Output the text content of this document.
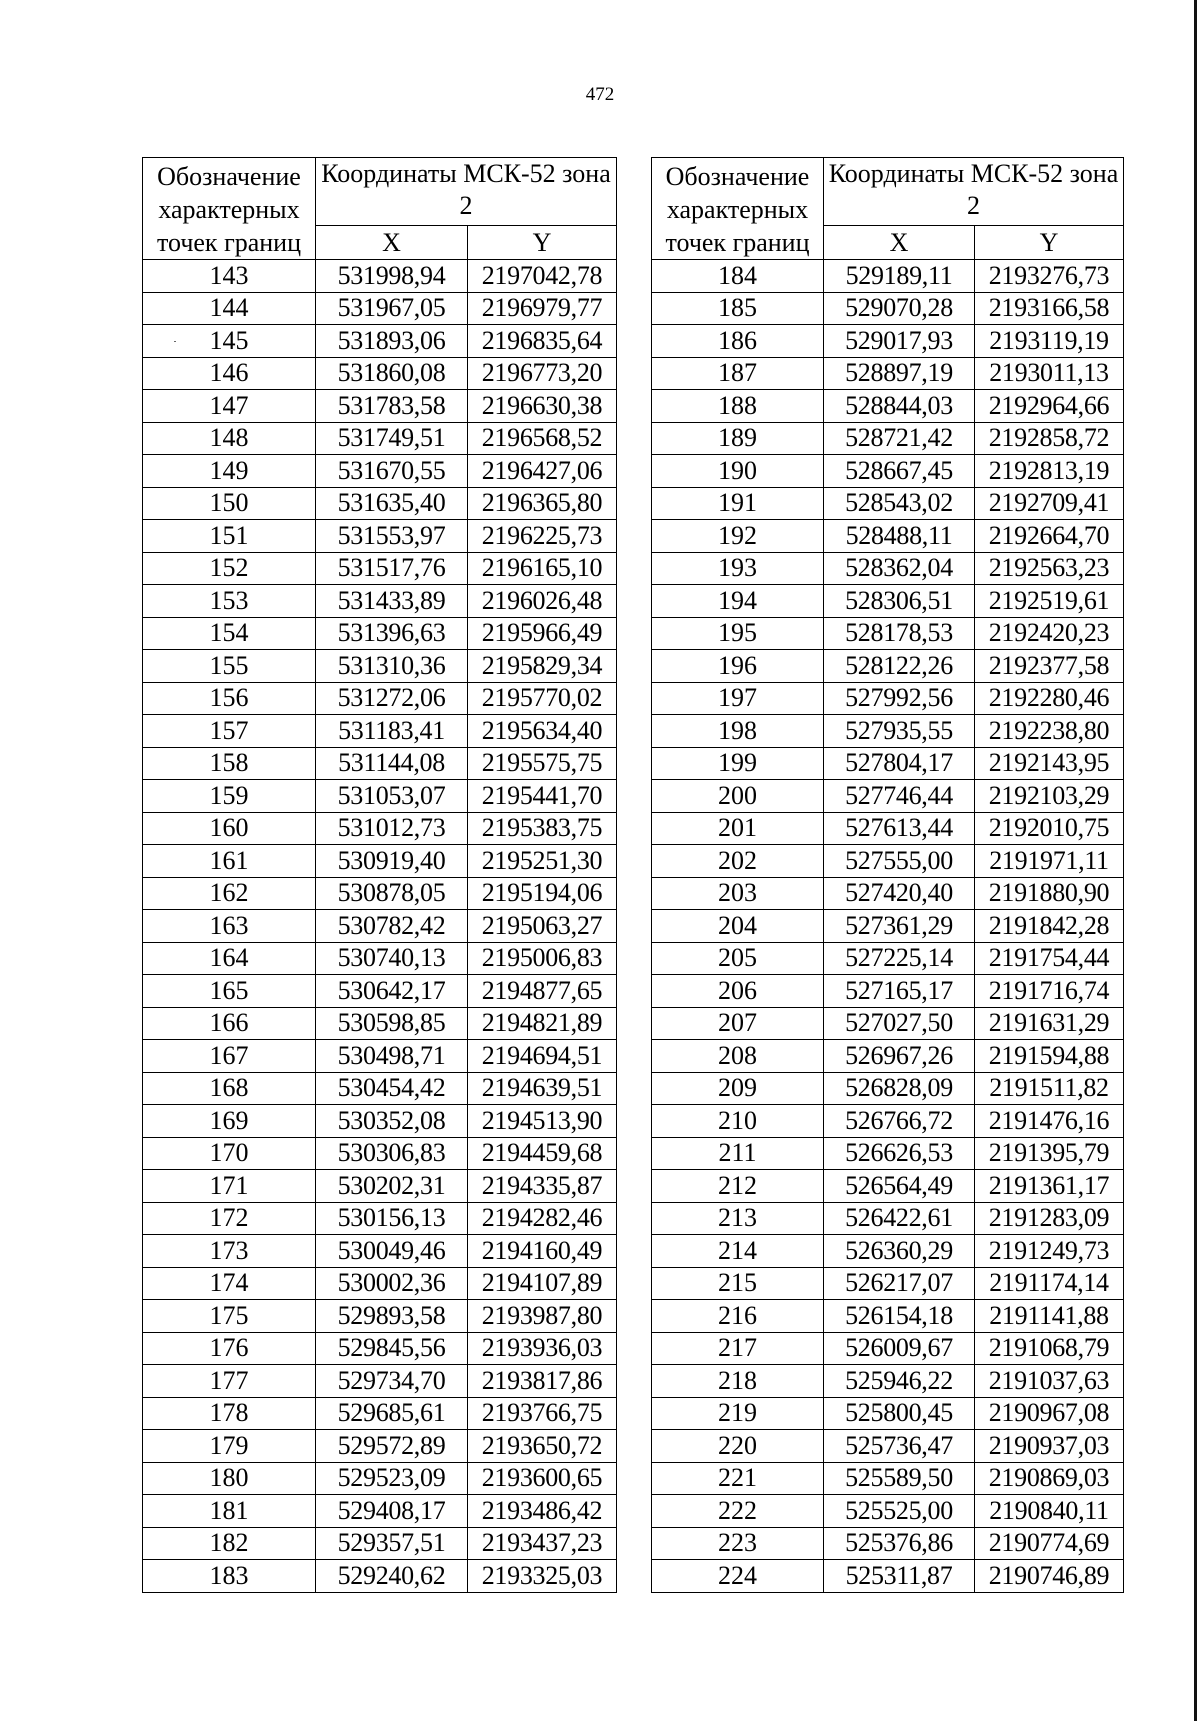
472
Обозначение характерных точек границ	Координаты МСК-52 зона 2	
	X	Y
143	531998,94	2197042,78
144	531967,05	2196979,77
145	531893,06	2196835,64
146	531860,08	2196773,20
147	531783,58	2196630,38
148	531749,51	2196568,52
149	531670,55	2196427,06
150	531635,40	2196365,80
151	531553,97	2196225,73
152	531517,76	2196165,10
153	531433,89	2196026,48
154	531396,63	2195966,49
155	531310,36	2195829,34
156	531272,06	2195770,02
157	531183,41	2195634,40
158	531144,08	2195575,75
159	531053,07	2195441,70
160	531012,73	2195383,75
161	530919,40	2195251,30
162	530878,05	2195194,06
163	530782,42	2195063,27
164	530740,13	2195006,83
165	530642,17	2194877,65
166	530598,85	2194821,89
167	530498,71	2194694,51
168	530454,42	2194639,51
169	530352,08	2194513,90
170	530306,83	2194459,68
171	530202,31	2194335,87
172	530156,13	2194282,46
173	530049,46	2194160,49
174	530002,36	2194107,89
175	529893,58	2193987,80
176	529845,56	2193936,03
177	529734,70	2193817,86
178	529685,61	2193766,75
179	529572,89	2193650,72
180	529523,09	2193600,65
181	529408,17	2193486,42
182	529357,51	2193437,23
183	529240,62	2193325,03
Обозначение характерных точек границ	Координаты МСК-52 зона 2	
	X	Y
184	529189,11	2193276,73
185	529070,28	2193166,58
186	529017,93	2193119,19
187	528897,19	2193011,13
188	528844,03	2192964,66
189	528721,42	2192858,72
190	528667,45	2192813,19
191	528543,02	2192709,41
192	528488,11	2192664,70
193	528362,04	2192563,23
194	528306,51	2192519,61
195	528178,53	2192420,23
196	528122,26	2192377,58
197	527992,56	2192280,46
198	527935,55	2192238,80
199	527804,17	2192143,95
200	527746,44	2192103,29
201	527613,44	2192010,75
202	527555,00	2191971,11
203	527420,40	2191880,90
204	527361,29	2191842,28
205	527225,14	2191754,44
206	527165,17	2191716,74
207	527027,50	2191631,29
208	526967,26	2191594,88
209	526828,09	2191511,82
210	526766,72	2191476,16
211	526626,53	2191395,79
212	526564,49	2191361,17
213	526422,61	2191283,09
214	526360,29	2191249,73
215	526217,07	2191174,14
216	526154,18	2191141,88
217	526009,67	2191068,79
218	525946,22	2191037,63
219	525800,45	2190967,08
220	525736,47	2190937,03
221	525589,50	2190869,03
222	525525,00	2190840,11
223	525376,86	2190774,69
224	525311,87	2190746,89
